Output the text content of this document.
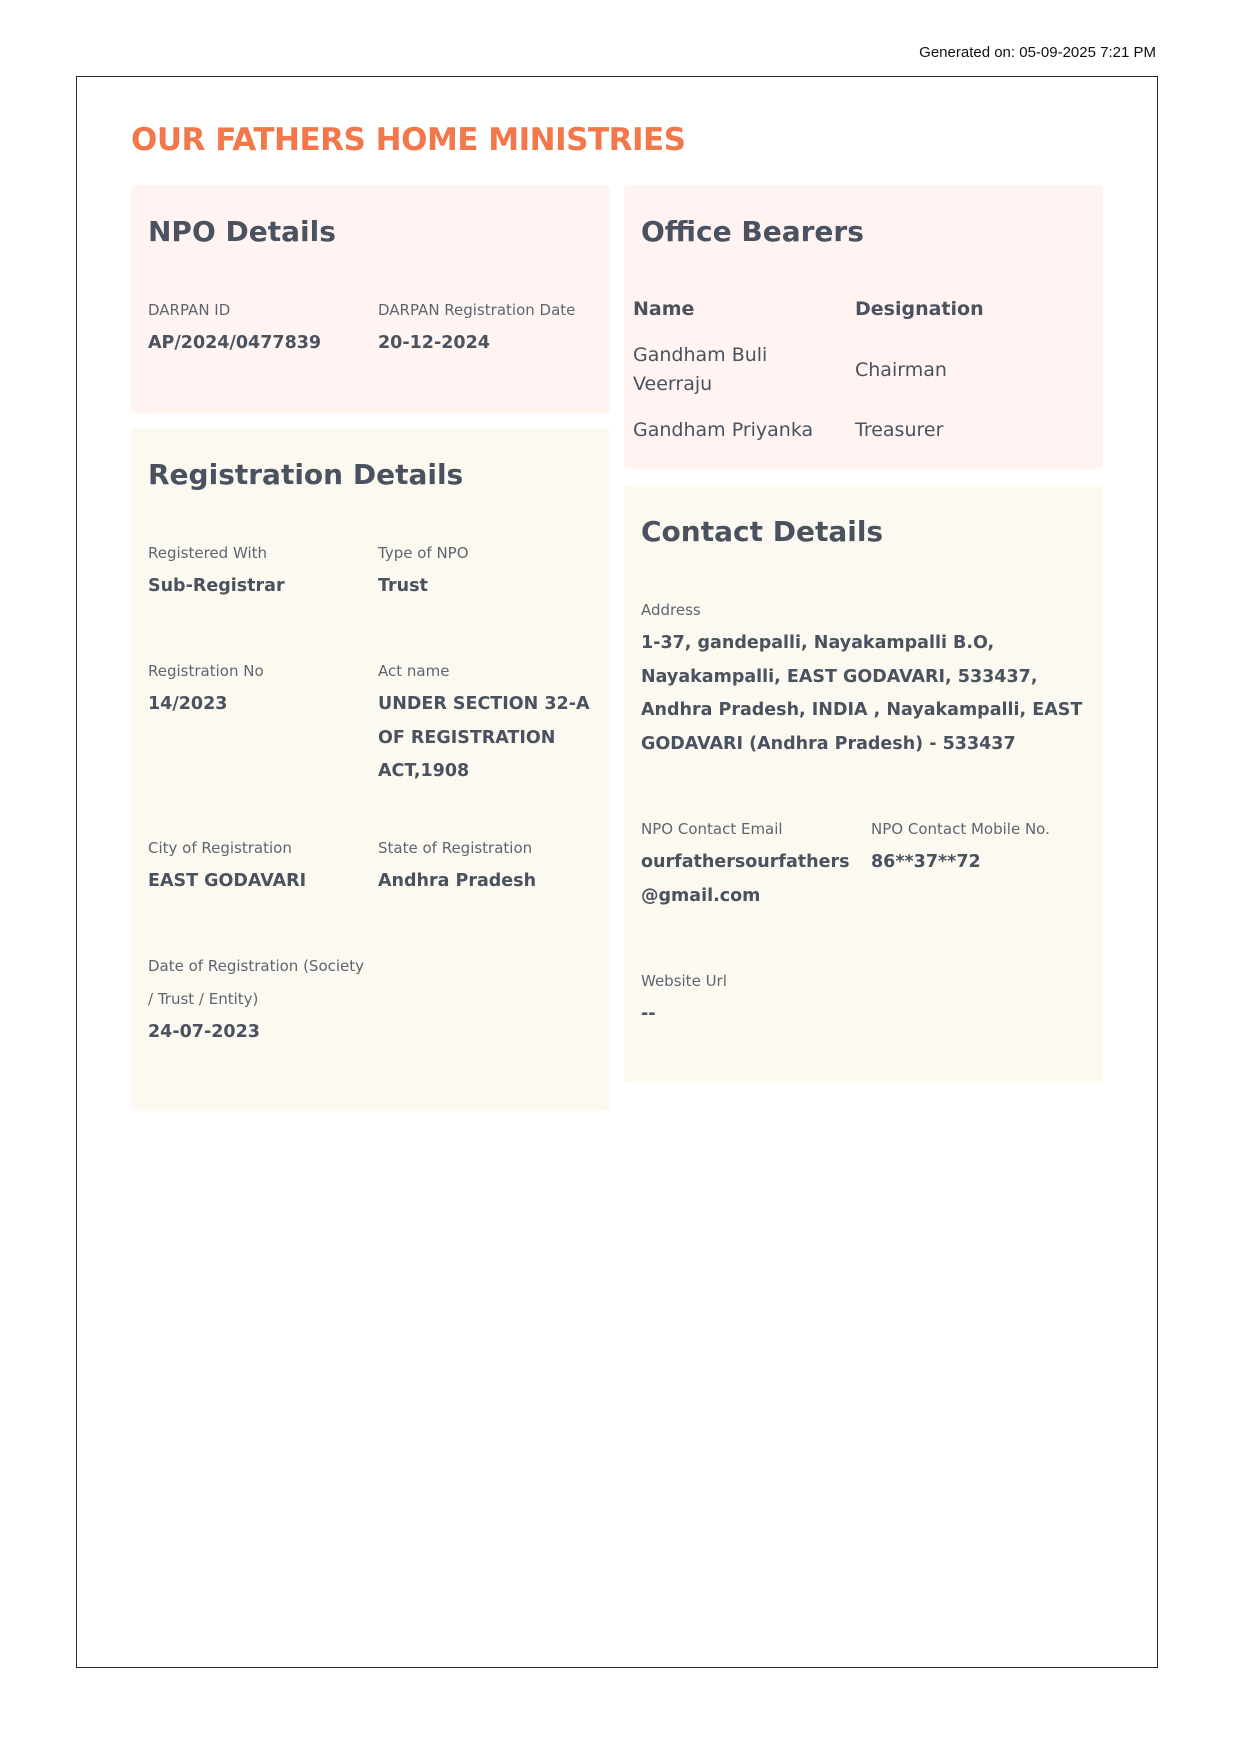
Generated on: 05-09-2025 7:21 PM
OUR FATHERS HOME MINISTRIES
NPO Details
DARPAN ID
AP/2024/0477839
DARPAN Registration Date
20-12-2024
Office Bearers
Name	Designation
Gandham Buli Veerraju
Chairman
Gandham Priyanka	Treasurer
Registration Details
Registered With
Sub-Registrar
Type of NPO
Trust
Registration No
14/2023
Act name
UNDER SECTION 32-A OF REGISTRATION ACT,1908
City of Registration
EAST GODAVARI
State of Registration
Andhra Pradesh
Date of Registration (Society / Trust / Entity)
24-07-2023
Contact Details
Address
1-37, gandepalli, Nayakampalli B.O, Nayakampalli, EAST GODAVARI, 533437, Andhra Pradesh, INDIA , Nayakampalli, EAST GODAVARI (Andhra Pradesh) - 533437
NPO Contact Email
ourfathersourfathers @gmail.com
NPO Contact Mobile No.
86**37**72
Website Url
--
